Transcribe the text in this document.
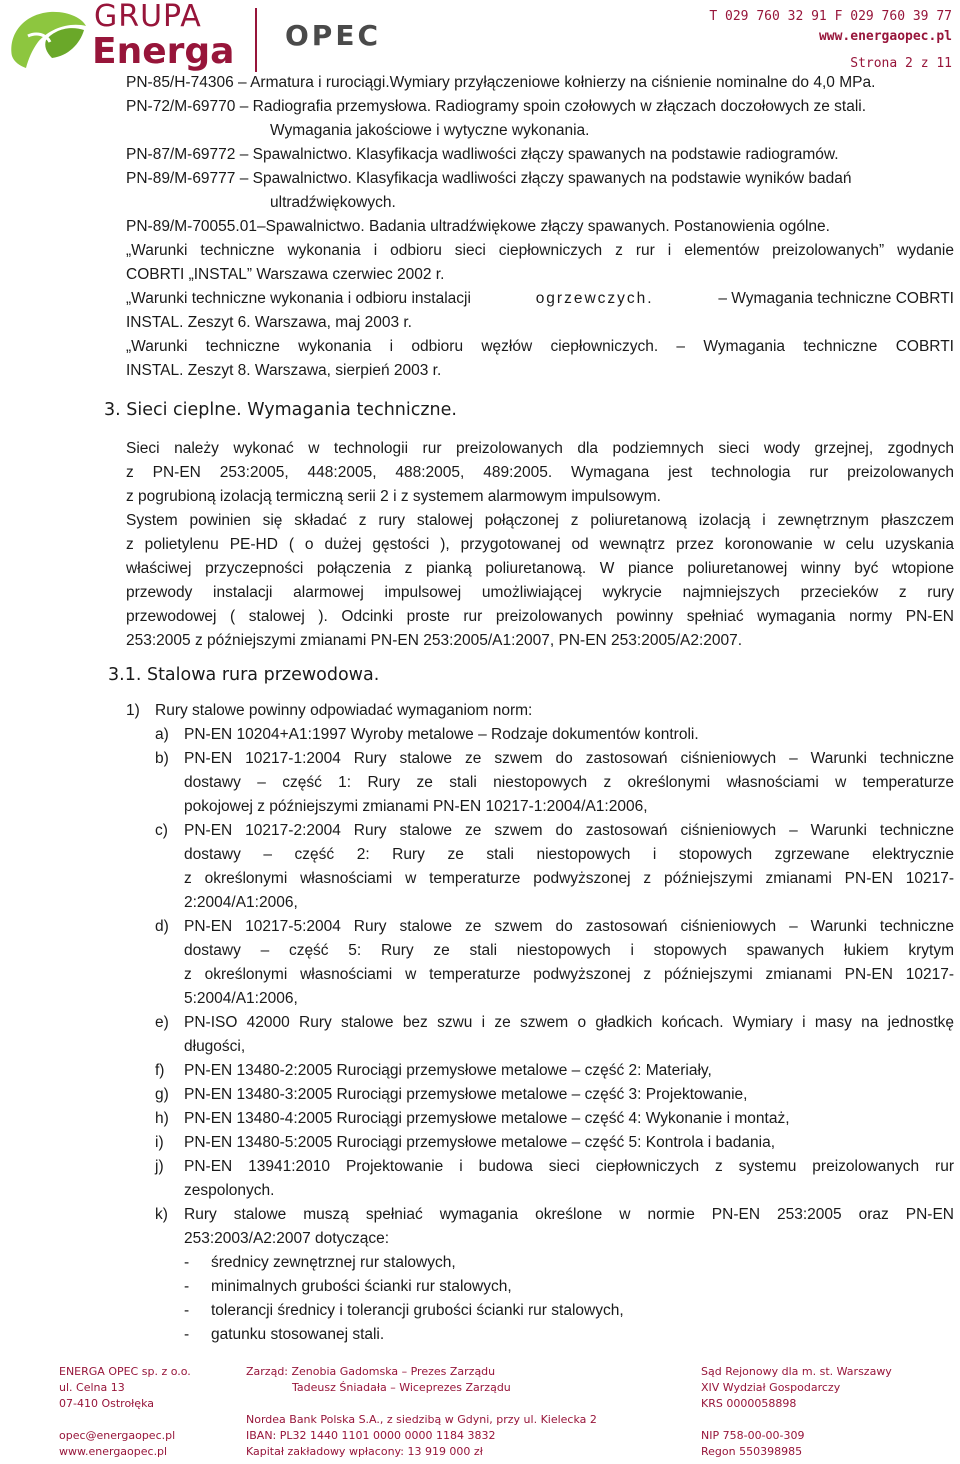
GRUPA
Energa OPEC
T 029 760 32 91 F 029 760 39 77
www.energaopec.pl
Strona 2 z 11
PN-85/H-74306 – Armatura i rurociągi.Wymiary przyłączeniowe kołnierzy na ciśnienie nominalne do 4,0 MPa.
PN-72/M-69770 – Radiografia przemysłowa. Radiogramy spoin czołowych w złączach doczołowych ze stali.
Wymagania jakościowe i wytyczne wykonania.
PN-87/M-69772 – Spawalnictwo. Klasyfikacja wadliwości złączy spawanych na podstawie radiogramów.
PN-89/M-69777 – Spawalnictwo. Klasyfikacja wadliwości złączy spawanych na podstawie wyników badań
ultradźwiękowych.
PN-89/M-70055.01–Spawalnictwo. Badania ultradźwiękowe złączy spawanych. Postanowienia ogólne.
„Warunki techniczne wykonania i odbioru sieci ciepłowniczych z rur i elementów preizolowanych” wydanie
COBRTI „INSTAL” Warszawa czerwiec 2002 r.
„Warunki techniczne wykonania i odbioru instalacji	ogrzewczych.	– Wymagania techniczne COBRTI
INSTAL. Zeszyt 6. Warszawa, maj 2003 r.
„Warunki techniczne wykonania i odbioru węzłów ciepłowniczych. – Wymagania techniczne COBRTI
INSTAL. Zeszyt 8. Warszawa, sierpień 2003 r.
3. Sieci cieplne. Wymagania techniczne.
Sieci należy wykonać w technologii rur preizolowanych dla podziemnych sieci wody grzejnej, zgodnych
z PN-EN 253:2005, 448:2005, 488:2005, 489:2005. Wymagana jest technologia rur preizolowanych
z pogrubioną izolacją termiczną serii 2 i z systemem alarmowym impulsowym.
System powinien się składać z rury stalowej połączonej z poliuretanową izolacją i zewnętrznym płaszczem
z polietylenu PE-HD ( o dużej gęstości ), przygotowanej od wewnątrz przez koronowanie w celu uzyskania
właściwej przyczepności połączenia z pianką poliuretanową. W piance poliuretanowej winny być wtopione
przewody instalacji alarmowej impulsowej umożliwiającej wykrycie najmniejszych przecieków z rury
przewodowej ( stalowej ). Odcinki proste rur preizolowanych powinny spełniać wymagania normy PN-EN
253:2005 z późniejszymi zmianami PN-EN 253:2005/A1:2007, PN-EN 253:2005/A2:2007.
3.1. Stalowa rura przewodowa.
1) Rury stalowe powinny odpowiadać wymaganiom norm:
a) PN-EN 10204+A1:1997 Wyroby metalowe – Rodzaje dokumentów kontroli.
b) PN-EN 10217-1:2004 Rury stalowe ze szwem do zastosowań ciśnieniowych – Warunki techniczne
dostawy – część 1: Rury ze stali niestopowych z określonymi własnościami w temperaturze
pokojowej z późniejszymi zmianami PN-EN 10217-1:2004/A1:2006,
c) PN-EN 10217-2:2004 Rury stalowe ze szwem do zastosowań ciśnieniowych – Warunki techniczne
dostawy – część 2: Rury ze stali niestopowych i stopowych zgrzewane elektrycznie
z określonymi własnościami w temperaturze podwyższonej z późniejszymi zmianami PN-EN 10217-
2:2004/A1:2006,
d) PN-EN 10217-5:2004 Rury stalowe ze szwem do zastosowań ciśnieniowych – Warunki techniczne
dostawy – część 5: Rury ze stali niestopowych i stopowych spawanych łukiem krytym
z określonymi własnościami w temperaturze podwyższonej z późniejszymi zmianami PN-EN 10217-
5:2004/A1:2006,
e) PN-ISO 42000 Rury stalowe bez szwu i ze szwem o gładkich końcach. Wymiary i masy na jednostkę
długości,
f) PN-EN 13480-2:2005 Rurociągi przemysłowe metalowe – część 2: Materiały,
g) PN-EN 13480-3:2005 Rurociągi przemysłowe metalowe – część 3: Projektowanie,
h) PN-EN 13480-4:2005 Rurociągi przemysłowe metalowe – część 4: Wykonanie i montaż,
i) PN-EN 13480-5:2005 Rurociągi przemysłowe metalowe – część 5: Kontrola i badania,
j) PN-EN 13941:2010 Projektowanie i budowa sieci ciepłowniczych z systemu preizolowanych rur
zespolonych.
k) Rury stalowe muszą spełniać wymagania określone w normie PN-EN 253:2005 oraz PN-EN
253:2003/A2:2007 dotyczące:
- średnicy zewnętrznej rur stalowych,
- minimalnych grubości ścianki rur stalowych,
- tolerancji średnicy i tolerancji grubości ścianki rur stalowych,
- gatunku stosowanej stali.
ENERGA OPEC sp. z o.o.
ul. Celna 13
07-410 Ostrołęka
opec@energaopec.pl
www.energaopec.pl
Zarząd: Zenobia Gadomska – Prezes Zarządu
Tadeusz Śniadała – Wiceprezes Zarządu
Nordea Bank Polska S.A., z siedzibą w Gdyni, przy ul. Kielecka 2
IBAN: PL32 1440 1101 0000 0000 1184 3832
Kapitał zakładowy wpłacony: 13 919 000 zł
Sąd Rejonowy dla m. st. Warszawy
XIV Wydział Gospodarczy
KRS 0000058898
NIP 758-00-00-309
Regon 550398985
